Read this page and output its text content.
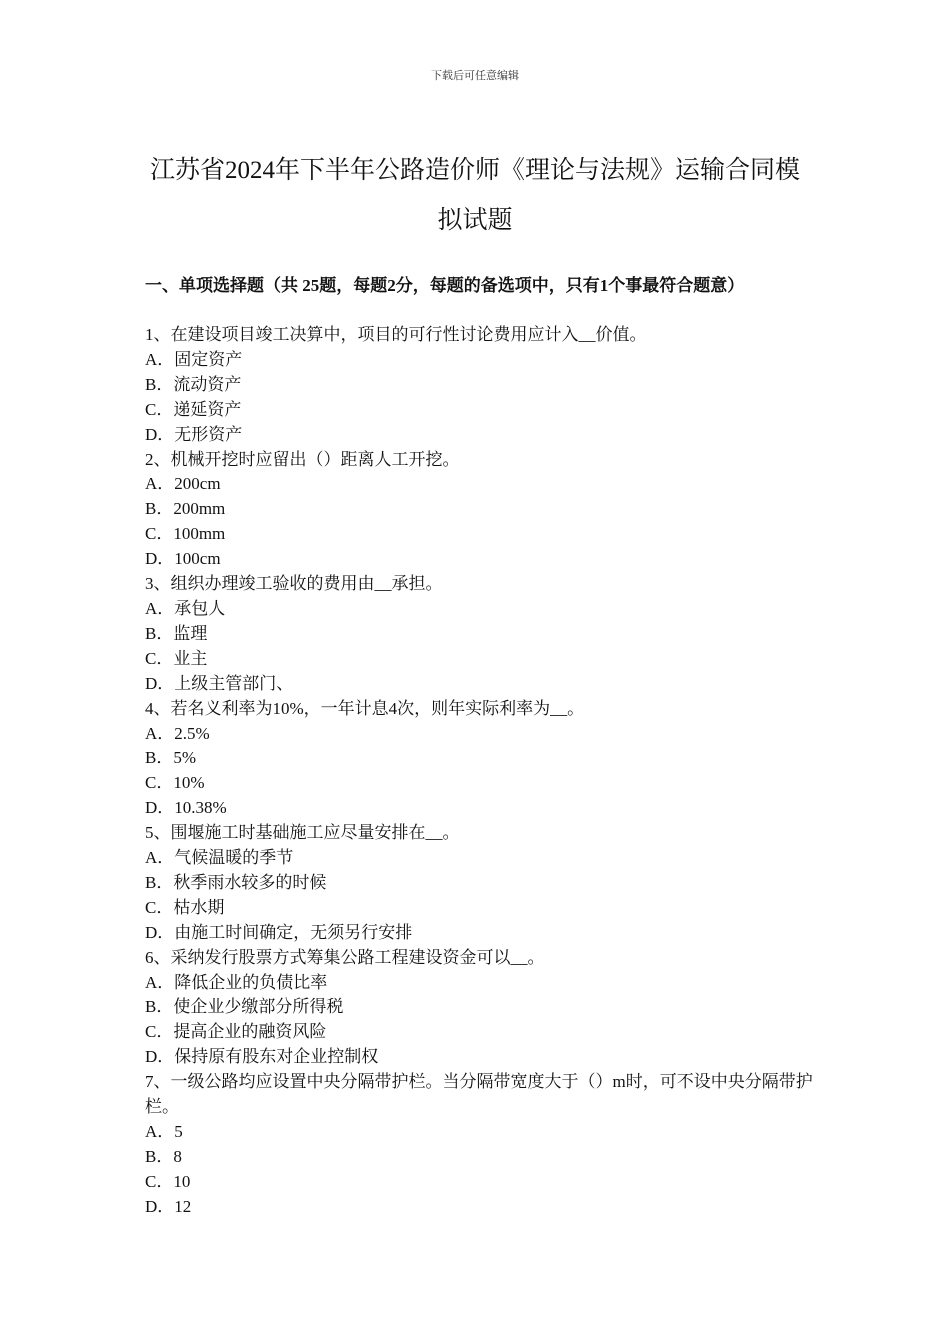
下载后可任意编辑
江苏省2024年下半年公路造价师《理论与法规》运输合同模拟试题
一、单项选择题（共 25题，每题2分，每题的备选项中，只有1个事最符合题意）

1、在建设项目竣工决算中，项目的可行性讨论费用应计入__价值。

A．固定资产

B．流动资产

C．递延资产

D．无形资产

2、机械开挖时应留出（）距离人工开挖。

A．200cm

B．200mm

C．100mm

D．100cm

3、组织办理竣工验收的费用由__承担。

A．承包人

B．监理

C．业主

D．上级主管部门、

4、若名义利率为10%，一年计息4次，则年实际利率为__。

A．2.5%

B．5%

C．10%

D．10.38%

5、围堰施工时基础施工应尽量安排在__。

A．气候温暖的季节

B．秋季雨水较多的时候

C．枯水期

D．由施工时间确定，无须另行安排

6、采纳发行股票方式筹集公路工程建设资金可以__。

A．降低企业的负债比率

B．使企业少缴部分所得税

C．提高企业的融资风险

D．保持原有股东对企业控制权

7、一级公路均应设置中央分隔带护栏。当分隔带宽度大于（）m时，可不设中央分隔带护栏。

A．5

B．8

C．10

D．12
